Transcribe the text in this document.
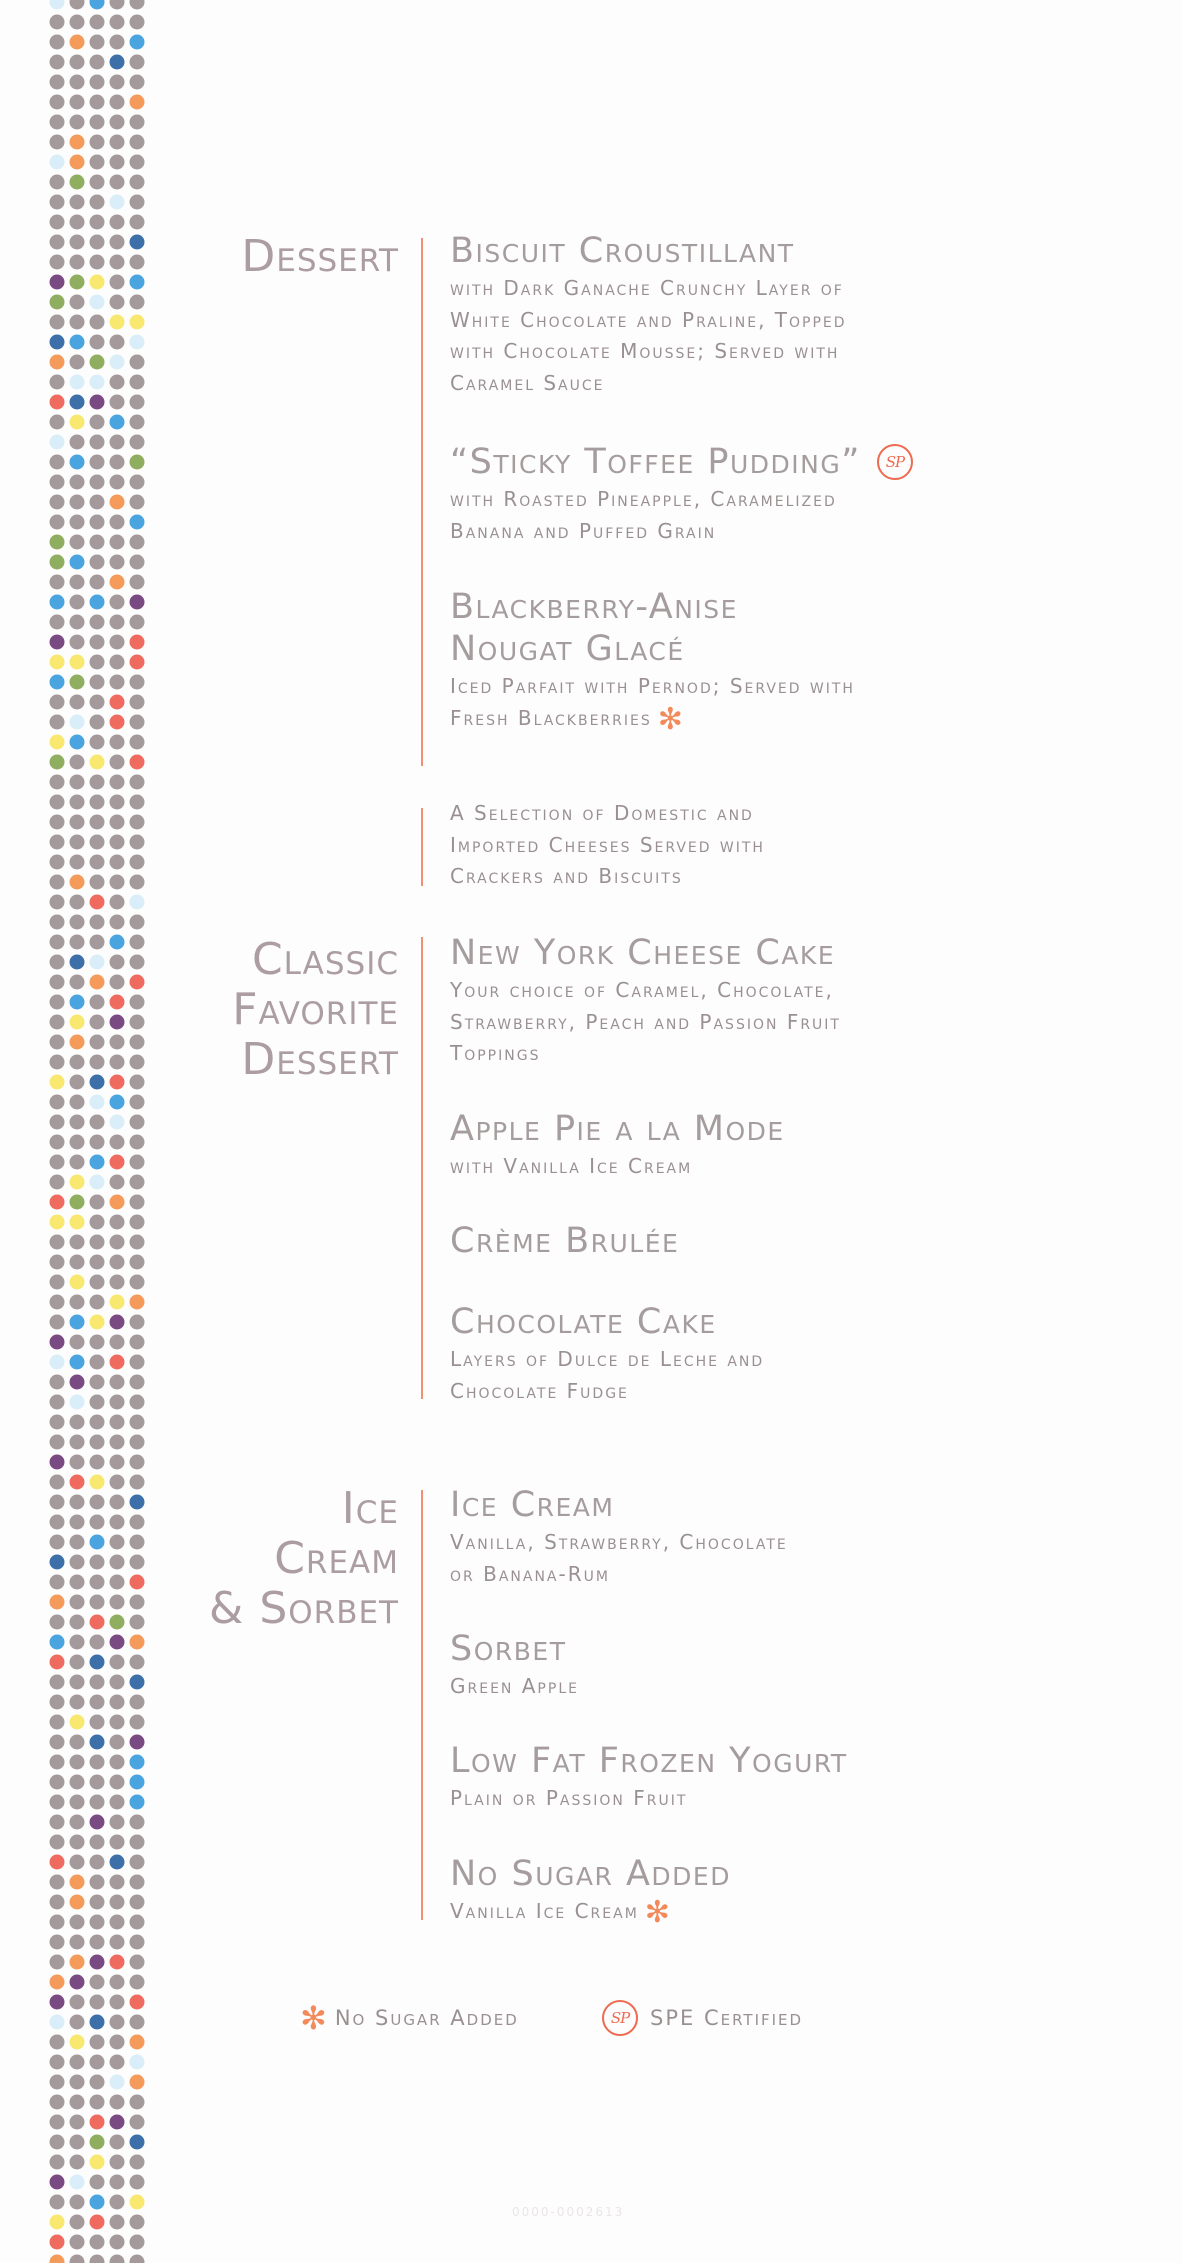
Dessert Biscuit Croustillant
with Dark Ganache Crunchy Layer of
White Chocolate and Praline, Topped
with Chocolate Mousse; Served with
Caramel Sauce
“Sticky Toffee Pudding” SP
with Roasted Pineapple, Caramelized
Banana and Puffed Grain
Blackberry-Anise
Nougat Glacé
Iced Parfait with Pernod; Served with
Fresh Blackberries ✻
A Selection of Domestic and
Imported Cheeses Served with
Crackers and Biscuits
Classic
Favorite
Dessert
New York Cheese Cake
Your choice of Caramel, Chocolate,
Strawberry, Peach and Passion Fruit
Toppings
Apple Pie a la Mode
with Vanilla Ice Cream
Crème Brulée
Chocolate Cake
Layers of Dulce de Leche and
Chocolate Fudge
Ice
Cream
& Sorbet
Ice Cream
Vanilla, Strawberry, Chocolate
or Banana-Rum
Sorbet
Green Apple
Low Fat Frozen Yogurt
Plain or Passion Fruit
No Sugar Added
Vanilla Ice Cream ✻
✻ No Sugar Added	SP SPE Certified
0000-0002613
